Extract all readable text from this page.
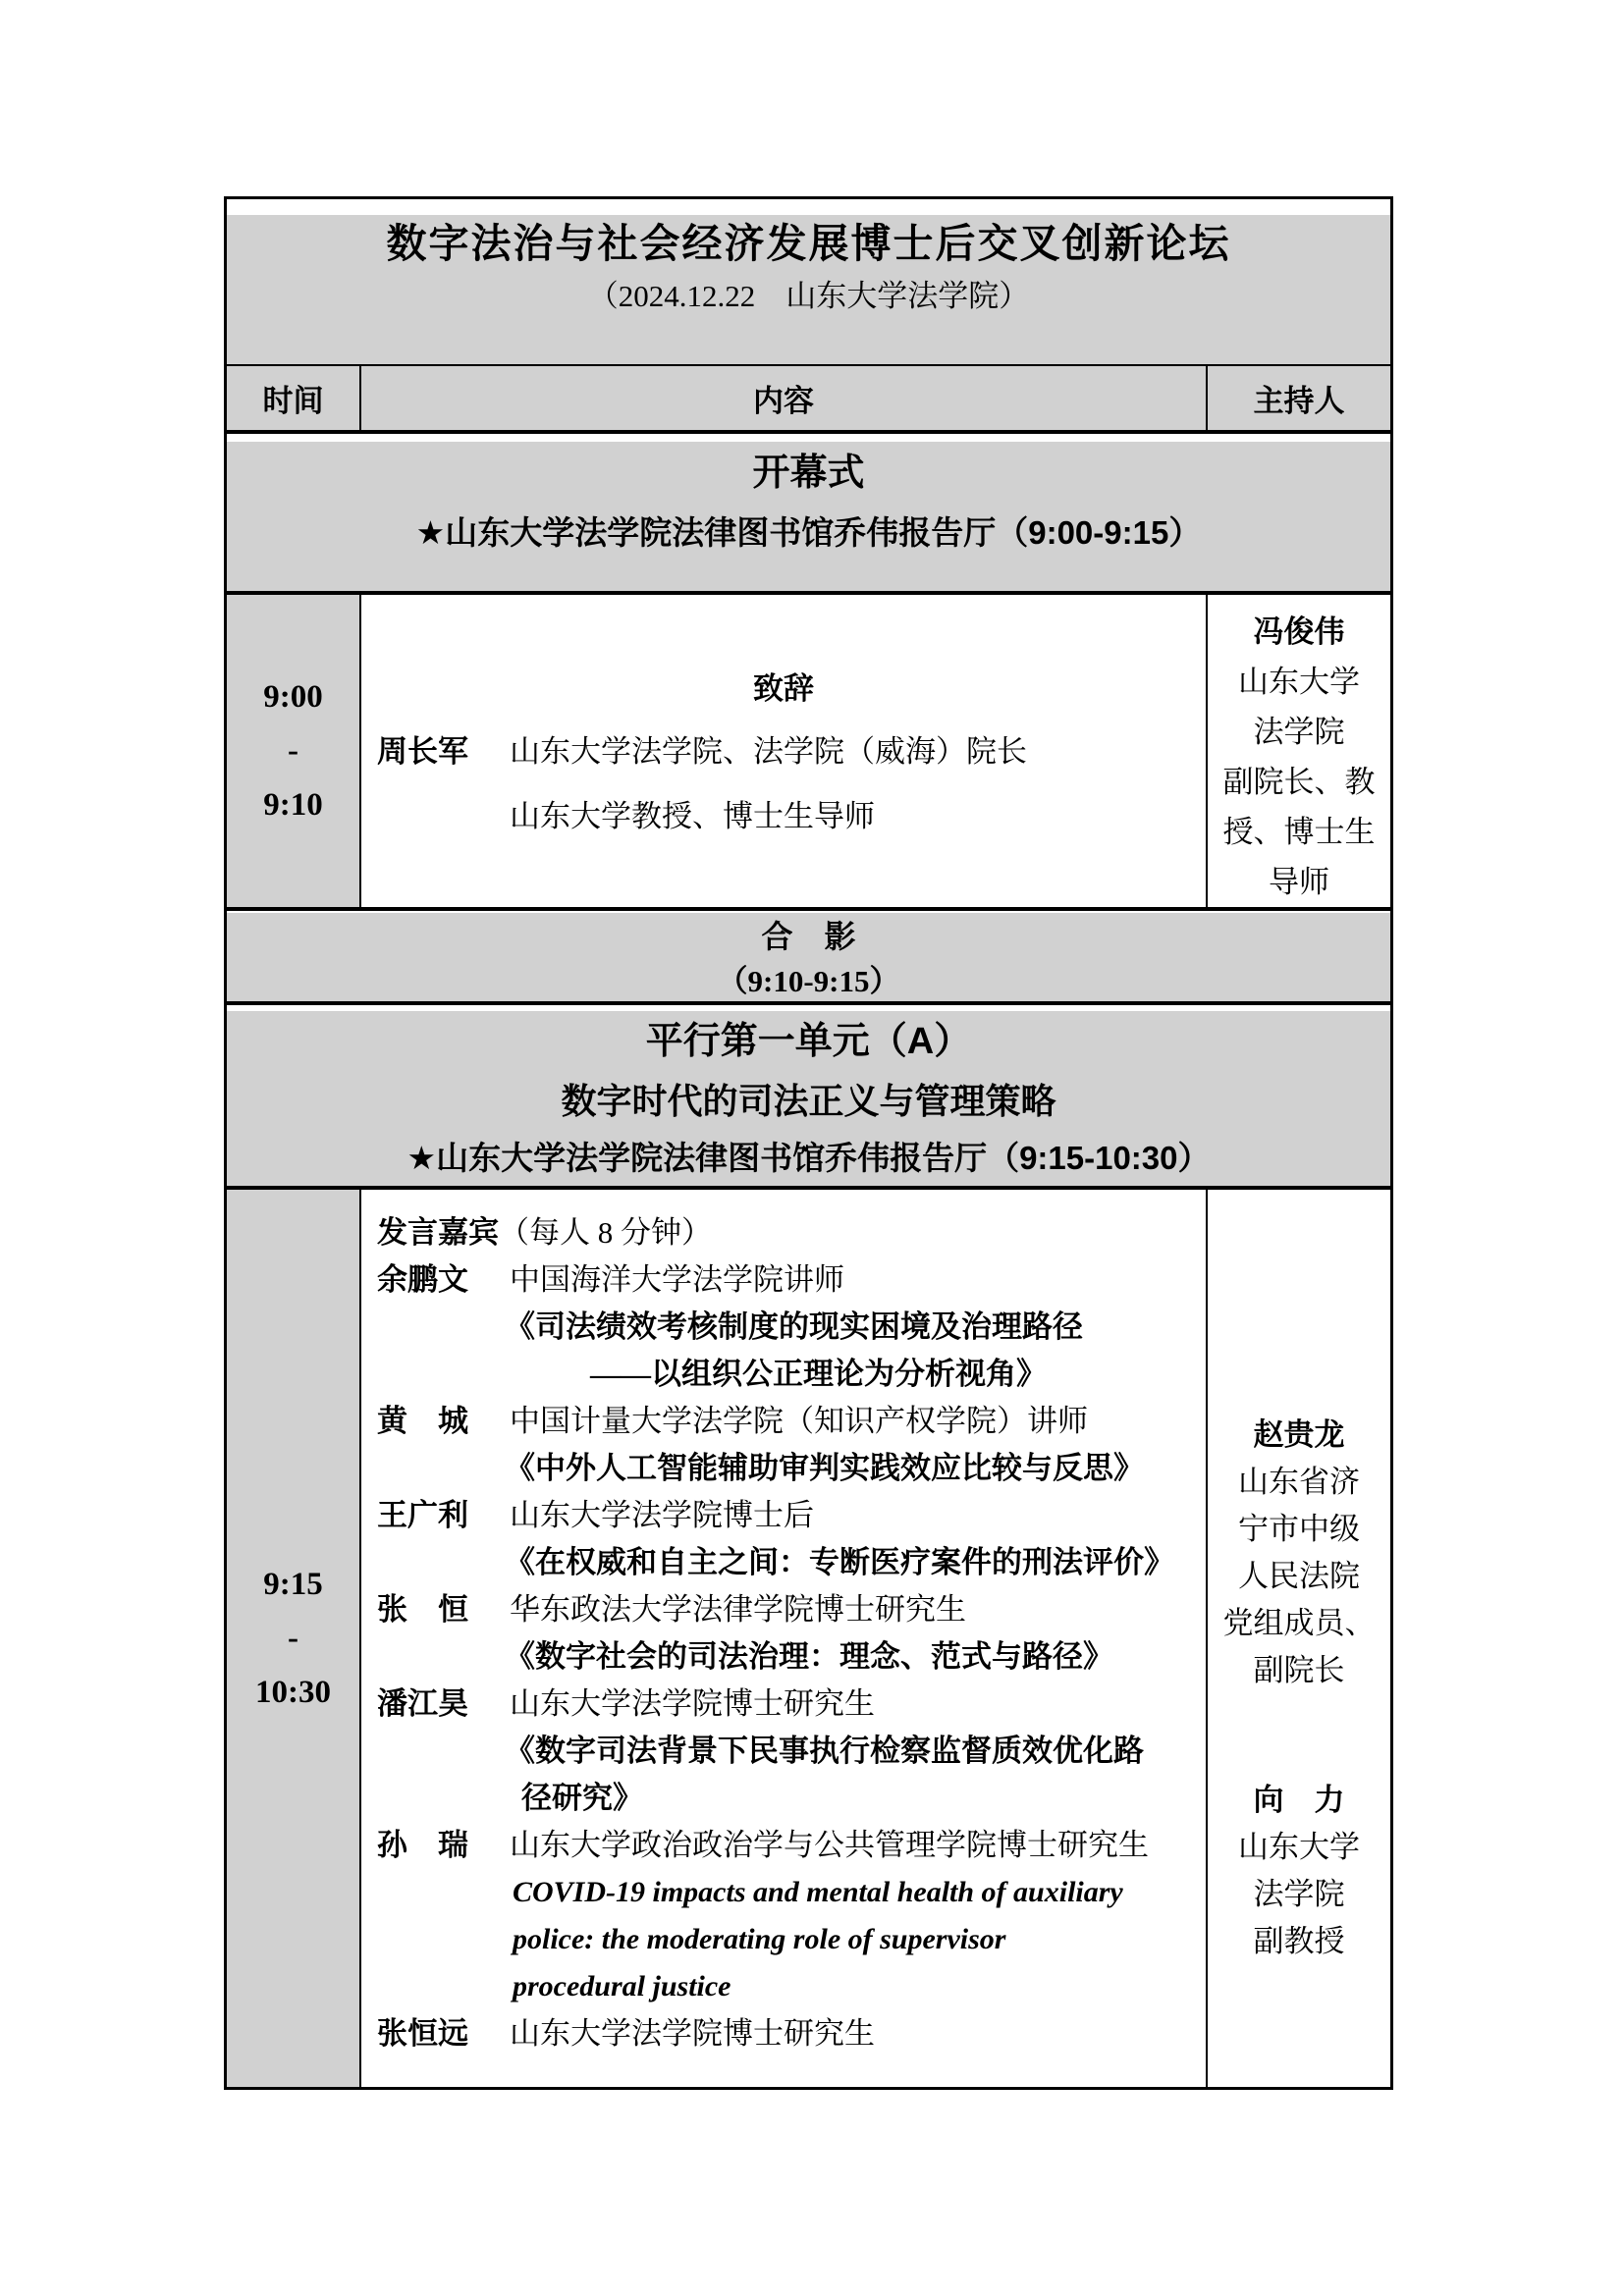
数字法治与社会经济发展博士后交叉创新论坛
（2024.12.22　山东大学法学院）
时间	内容	主持人
开幕式
★山东大学法学院法律图书馆乔伟报告厅（9:00-9:15）
9:00
-
9:10
致辞
周长军 山东大学法学院、法学院（威海）院长
山东大学教授、博士生导师
冯俊伟
山东大学
法学院
副院长、教
授、博士生
导师
合　影
（9:10-9:15）
平行第一单元（A）
数字时代的司法正义与管理策略
★山东大学法学院法律图书馆乔伟报告厅（9:15-10:30）
9:15
-
10:30
发言嘉宾（每人 8 分钟）
余鹏文 中国海洋大学法学院讲师
《司法绩效考核制度的现实困境及治理路径
——以组织公正理论为分析视角》
黄　城 中国计量大学法学院（知识产权学院）讲师
《中外人工智能辅助审判实践效应比较与反思》
王广利 山东大学法学院博士后
《在权威和自主之间：专断医疗案件的刑法评价》
张　恒 华东政法大学法律学院博士研究生
《数字社会的司法治理：理念、范式与路径》
潘江昊 山东大学法学院博士研究生
《数字司法背景下民事执行检察监督质效优化路
径研究》
孙　瑞 山东大学政治政治学与公共管理学院博士研究生
COVID-19 impacts and mental health of auxiliary
police: the moderating role of supervisor
procedural justice
张恒远 山东大学法学院博士研究生
赵贵龙
山东省济
宁市中级
人民法院
党组成员、
副院长
向　力
山东大学
法学院
副教授
